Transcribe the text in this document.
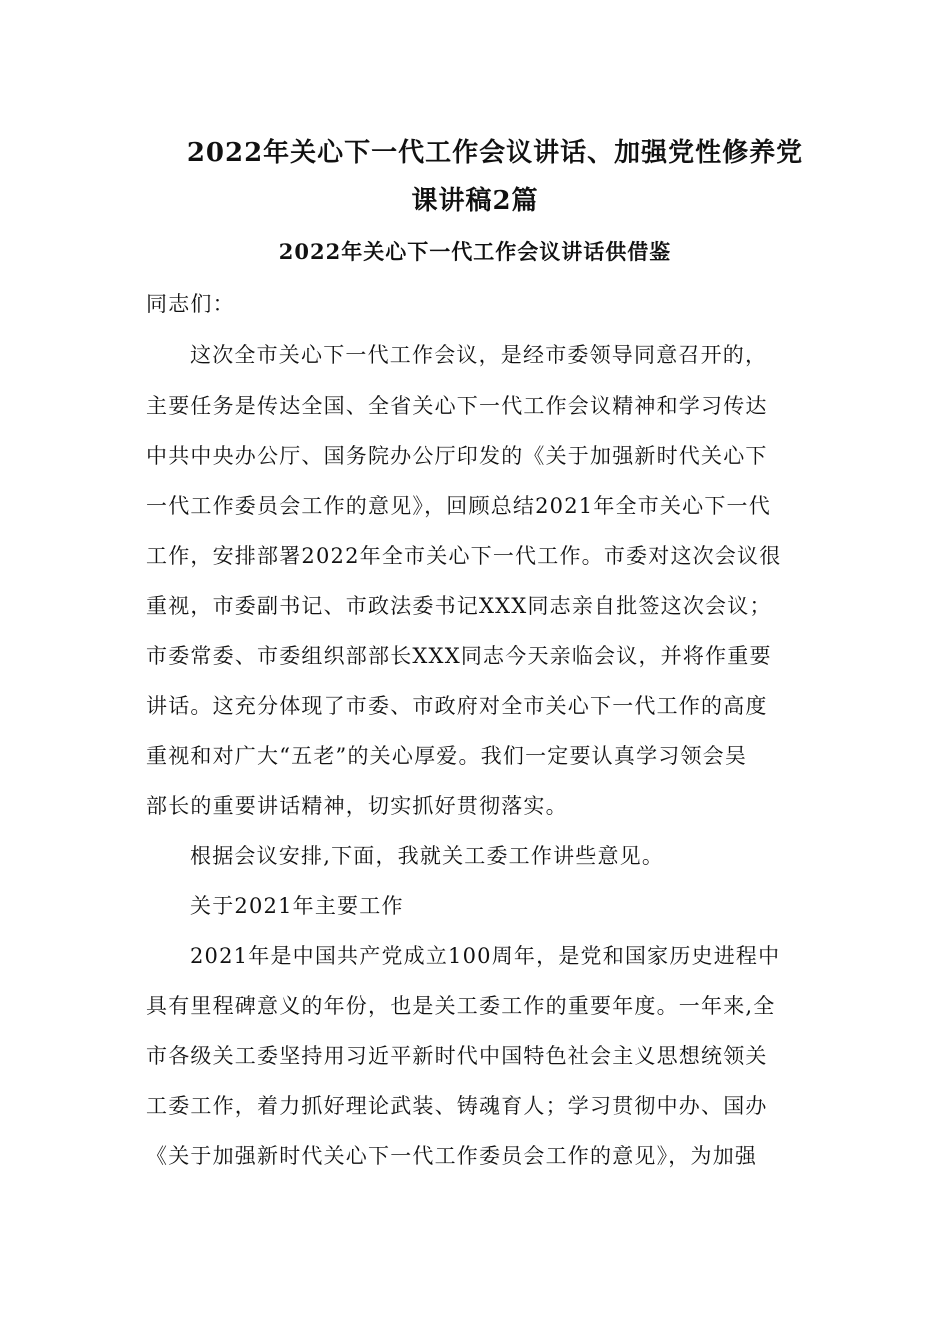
2022年关心下一代工作会议讲话、加强党性修养党
课讲稿2篇
2022年关心下一代工作会议讲话供借鉴
同志们：
这次全市关心下一代工作会议，是经市委领导同意召开的，
主要任务是传达全国、全省关心下一代工作会议精神和学习传达
中共中央办公厅、国务院办公厅印发的《关于加强新时代关心下
一代工作委员会工作的意见》，回顾总结2021年全市关心下一代
工作，安排部署2022年全市关心下一代工作。市委对这次会议很
重视，市委副书记、市政法委书记XXX同志亲自批签这次会议；
市委常委、市委组织部部长XXX同志今天亲临会议，并将作重要
讲话。这充分体现了市委、市政府对全市关心下一代工作的高度
重视和对广大“五老”的关心厚爱。我们一定要认真学习领会吴
部长的重要讲话精神，切实抓好贯彻落实。
根据会议安排,下面，我就关工委工作讲些意见。
关于2021年主要工作
2021年是中国共产党成立100周年，是党和国家历史进程中
具有里程碑意义的年份，也是关工委工作的重要年度。一年来,全
市各级关工委坚持用习近平新时代中国特色社会主义思想统领关
工委工作，着力抓好理论武装、铸魂育人；学习贯彻中办、国办
《关于加强新时代关心下一代工作委员会工作的意见》，为加强
